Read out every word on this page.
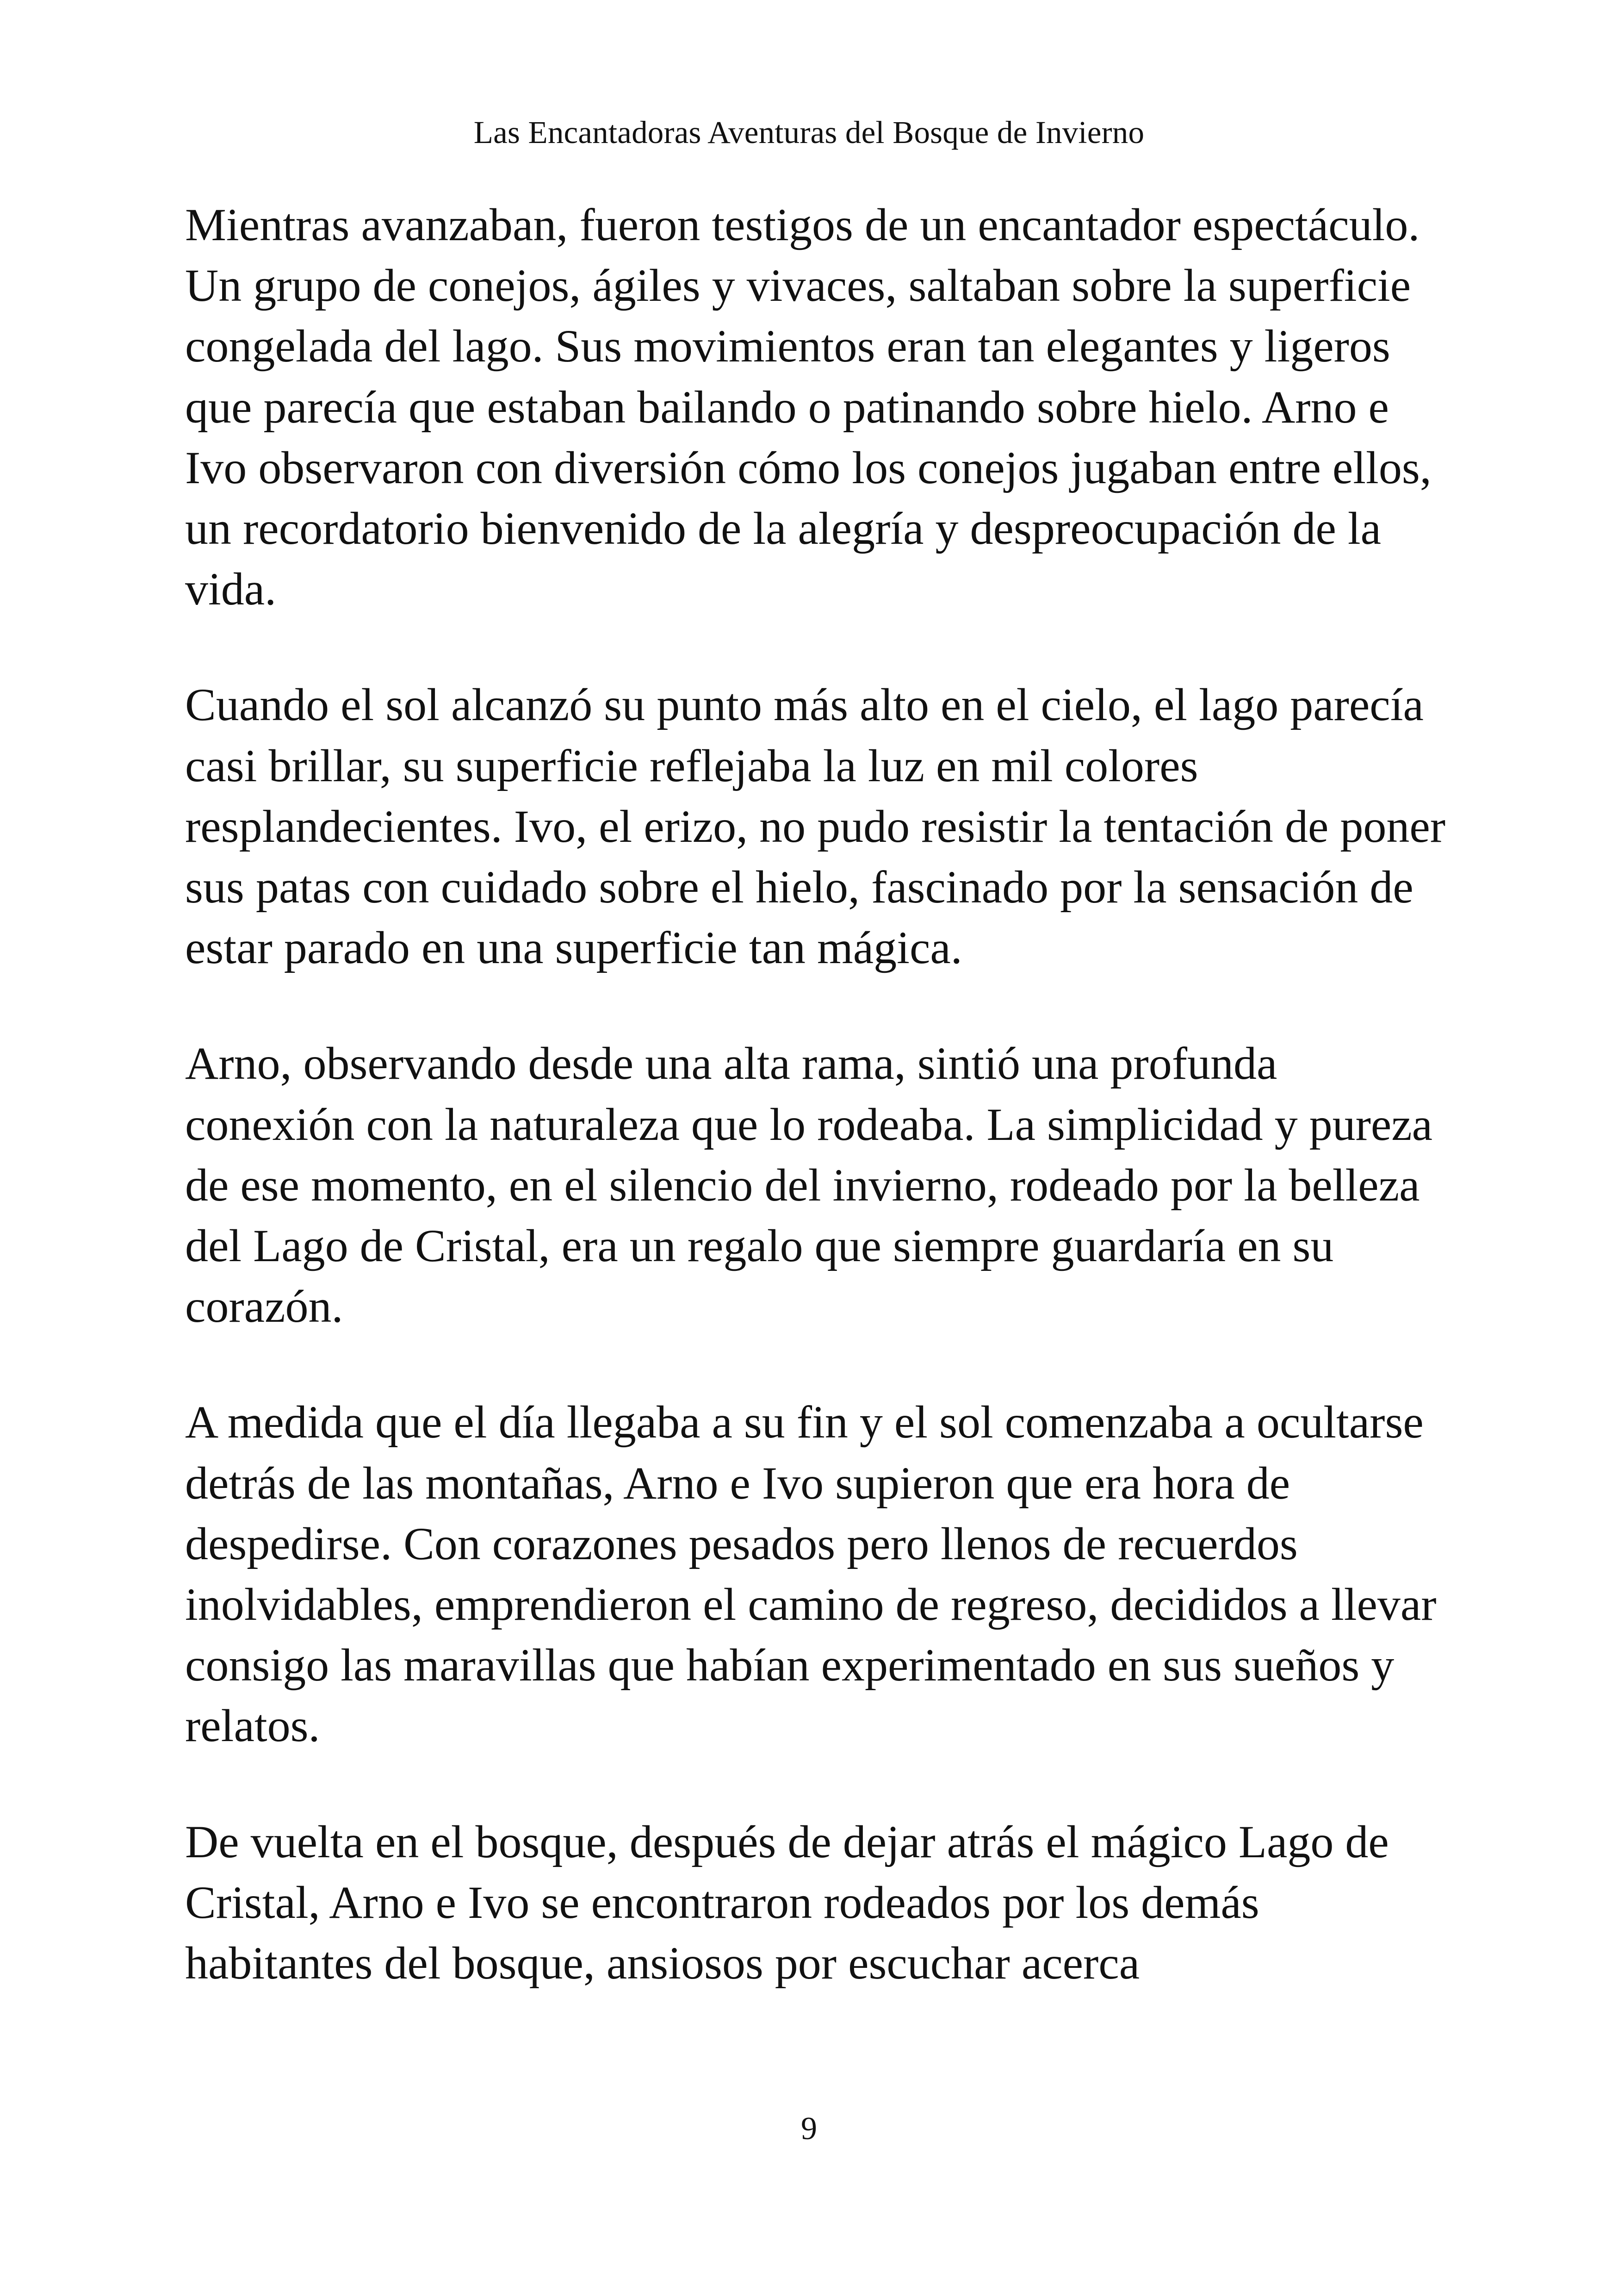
Las Encantadoras Aventuras del Bosque de Invierno

Mientras avanzaban, fueron testigos de un encantador espectáculo. Un grupo de conejos, ágiles y vivaces, saltaban sobre la superficie congelada del lago. Sus movimientos eran tan elegantes y ligeros que parecía que estaban bailando o patinando sobre hielo. Arno e Ivo observaron con diversión cómo los conejos jugaban entre ellos, un recordatorio bienvenido de la alegría y despreocupación de la vida.

Cuando el sol alcanzó su punto más alto en el cielo, el lago parecía casi brillar, su superficie reflejaba la luz en mil colores resplandecientes. Ivo, el erizo, no pudo resistir la tentación de poner sus patas con cuidado sobre el hielo, fascinado por la sensación de estar parado en una superficie tan mágica.

Arno, observando desde una alta rama, sintió una profunda conexión con la naturaleza que lo rodeaba. La simplicidad y pureza de ese momento, en el silencio del invierno, rodeado por la belleza del Lago de Cristal, era un regalo que siempre guardaría en su corazón.

A medida que el día llegaba a su fin y el sol comenzaba a ocultarse detrás de las montañas, Arno e Ivo supieron que era hora de despedirse. Con corazones pesados pero llenos de recuerdos inolvidables, emprendieron el camino de regreso, decididos a llevar consigo las maravillas que habían experimentado en sus sueños y relatos.

De vuelta en el bosque, después de dejar atrás el mágico Lago de Cristal, Arno e Ivo se encontraron rodeados por los demás habitantes del bosque, ansiosos por escuchar acerca

9
